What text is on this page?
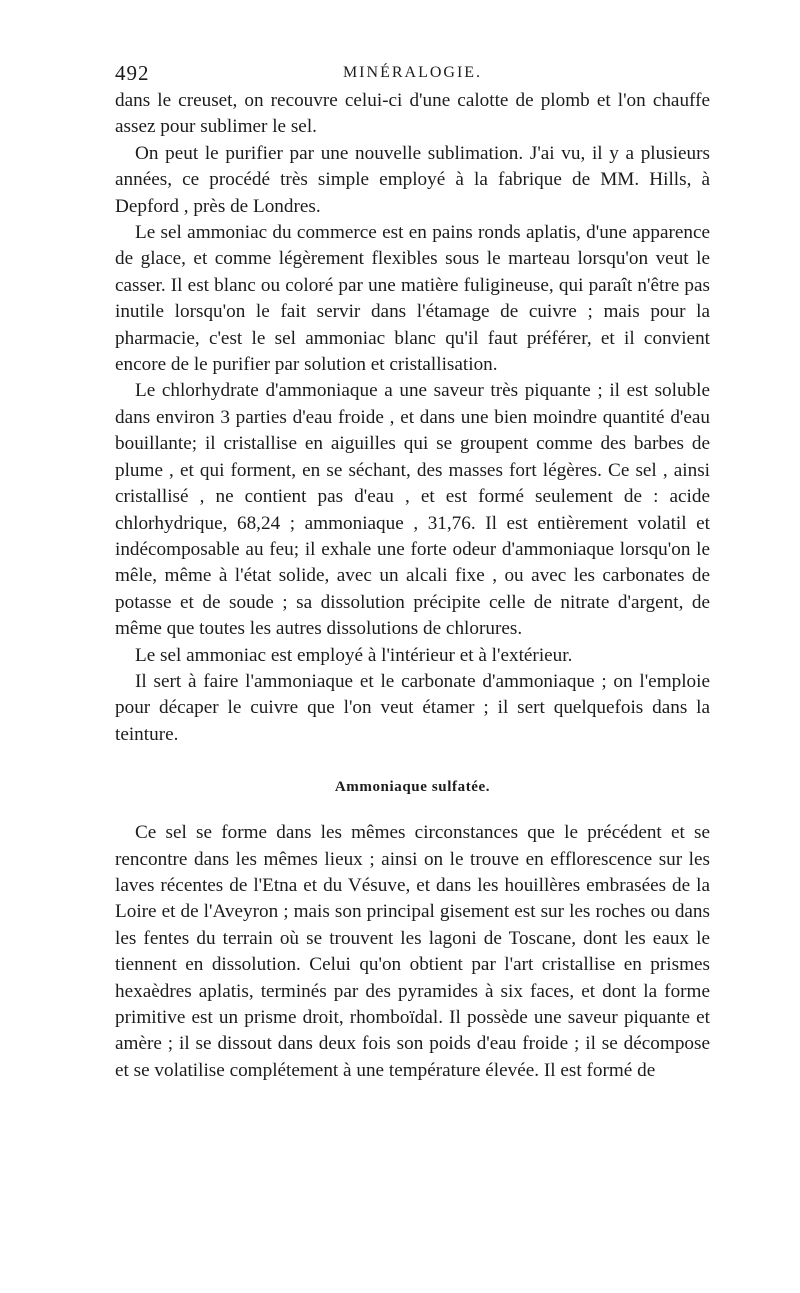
492	MINÉRALOGIE.

dans le creuset, on recouvre celui-ci d'une calotte de plomb et l'on chauffe assez pour sublimer le sel.

On peut le purifier par une nouvelle sublimation. J'ai vu, il y a plusieurs années, ce procédé très simple employé à la fabrique de MM. Hills, à Depford , près de Londres.

Le sel ammoniac du commerce est en pains ronds aplatis, d'une apparence de glace, et comme légèrement flexibles sous le marteau lorsqu'on veut le casser. Il est blanc ou coloré par une matière fuligineuse, qui paraît n'être pas inutile lorsqu'on le fait servir dans l'étamage de cuivre ; mais pour la pharmacie, c'est le sel ammoniac blanc qu'il faut préférer, et il convient encore de le purifier par solution et cristallisation.

Le chlorhydrate d'ammoniaque a une saveur très piquante ; il est soluble dans environ 3 parties d'eau froide , et dans une bien moindre quantité d'eau bouillante; il cristallise en aiguilles qui se groupent comme des barbes de plume , et qui forment, en se séchant, des masses fort légères. Ce sel , ainsi cristallisé , ne contient pas d'eau , et est formé seulement de : acide chlorhydrique, 68,24 ; ammoniaque , 31,76. Il est entièrement volatil et indécomposable au feu; il exhale une forte odeur d'ammoniaque lorsqu'on le mêle, même à l'état solide, avec un alcali fixe , ou avec les carbonates de potasse et de soude ; sa dissolution précipite celle de nitrate d'argent, de même que toutes les autres dissolutions de chlorures.

Le sel ammoniac est employé à l'intérieur et à l'extérieur.

Il sert à faire l'ammoniaque et le carbonate d'ammoniaque ; on l'emploie pour décaper le cuivre que l'on veut étamer ; il sert quelquefois dans la teinture.

Ammoniaque sulfatée.

Ce sel se forme dans les mêmes circonstances que le précédent et se rencontre dans les mêmes lieux ; ainsi on le trouve en efflorescence sur les laves récentes de l'Etna et du Vésuve, et dans les houillères embrasées de la Loire et de l'Aveyron ; mais son principal gisement est sur les roches ou dans les fentes du terrain où se trouvent les lagoni de Toscane, dont les eaux le tiennent en dissolution. Celui qu'on obtient par l'art cristallise en prismes hexaèdres aplatis, terminés par des pyramides à six faces, et dont la forme primitive est un prisme droit, rhomboïdal. Il possède une saveur piquante et amère ; il se dissout dans deux fois son poids d'eau froide ; il se décompose et se volatilise complétement à une température élevée. Il est formé de
